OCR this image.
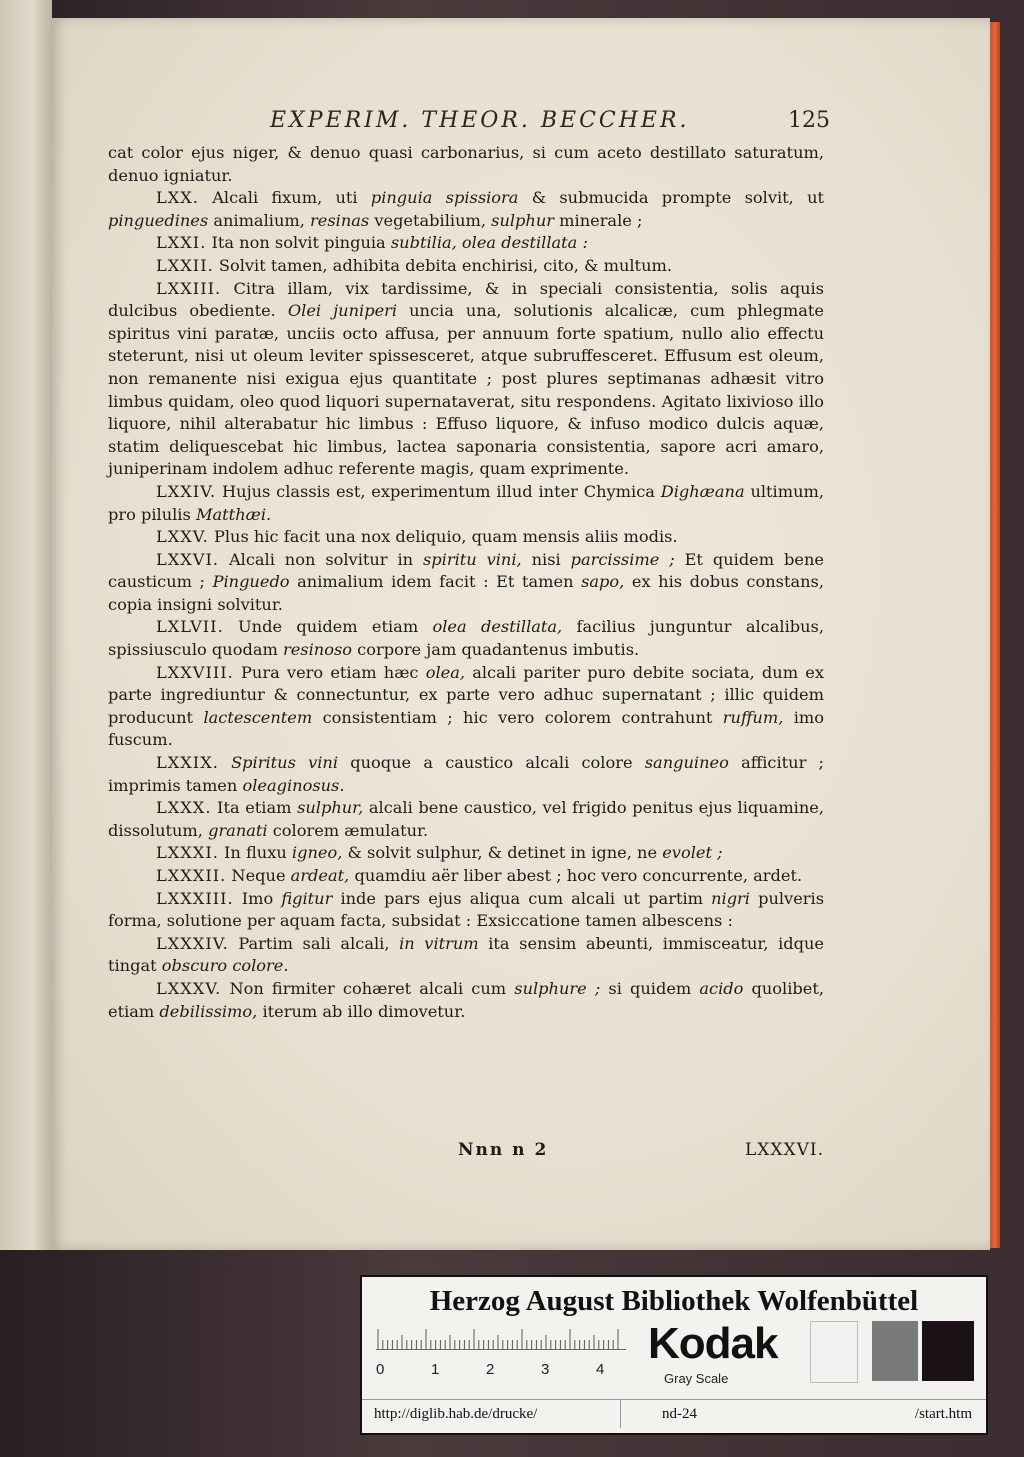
EXPERIM. THEOR. BECCHER.	125

cat color ejus niger, & denuo quasi carbonarius, si cum aceto destillato saturatum, denuo igniatur.

LXX. Alcali fixum, uti pinguia spissiora & submucida prompte solvit, ut pinguedines animalium, resinas vegetabilium, sulphur minerale ;

LXXI. Ita non solvit pinguia subtilia, olea destillata :

LXXII. Solvit tamen, adhibita debita enchirisi, cito, & multum.

LXXIII. Citra illam, vix tardissime, & in speciali consistentia, solis aquis dulcibus obediente. Olei juniperi uncia una, solutionis alcalicæ, cum phlegmate spiritus vini paratæ, unciis octo affusa, per annuum forte spatium, nullo alio effectu steterunt, nisi ut oleum leviter spissesceret, atque subruffesceret. Effusum est oleum, non remanente nisi exigua ejus quantitate ; post plures septimanas adhæsit vitro limbus quidam, oleo quod liquori supernataverat, situ respondens. Agitato lixivioso illo liquore, nihil alterabatur hic limbus : Effuso liquore, & infuso modico dulcis aquæ, statim deliquescebat hic limbus, lactea saponaria consistentia, sapore acri amaro, juniperinam indolem adhuc referente magis, quam exprimente.

LXXIV. Hujus classis est, experimentum illud inter Chymica Dighæana ultimum, pro pilulis Matthæi.

LXXV. Plus hic facit una nox deliquio, quam mensis aliis modis.

LXXVI. Alcali non solvitur in spiritu vini, nisi parcissime ; Et quidem bene causticum ; Pinguedo animalium idem facit : Et tamen sapo, ex his dobus constans, copia insigni solvitur.

LXLVII. Unde quidem etiam olea destillata, facilius junguntur alcalibus, spissiusculo quodam resinoso corpore jam quadantenus imbutis.

LXXVIII. Pura vero etiam hæc olea, alcali pariter puro debite sociata, dum ex parte ingrediuntur & connectuntur, ex parte vero adhuc supernatant ; illic quidem producunt lactescentem consistentiam ; hic vero colorem contrahunt ruffum, imo fuscum.

LXXIX. Spiritus vini quoque a caustico alcali colore sanguineo afficitur ; imprimis tamen oleaginosus.

LXXX. Ita etiam sulphur, alcali bene caustico, vel frigido penitus ejus liquamine, dissolutum, granati colorem æmulatur.

LXXXI. In fluxu igneo, & solvit sulphur, & detinet in igne, ne evolet ;

LXXXII. Neque ardeat, quamdiu aër liber abest ; hoc vero concurrente, ardet.

LXXXIII. Imo figitur inde pars ejus aliqua cum alcali ut partim nigri pulveris forma, solutione per aquam facta, subsidat : Exsiccatione tamen albescens :

LXXXIV. Partim sali alcali, in vitrum ita sensim abeunti, immisceatur, idque tingat obscuro colore.

LXXXV. Non firmiter cohæret alcali cum sulphure ; si quidem acido quolibet, etiam debilissimo, iterum ab illo dimovetur.

Nnn n 2	LXXXVI.
Herzog August Bibliothek Wolfenbüttel
0	1	2	3	4
Kodak
Gray Scale
http://diglib.hab.de/drucke/	nd-24	/start.htm
